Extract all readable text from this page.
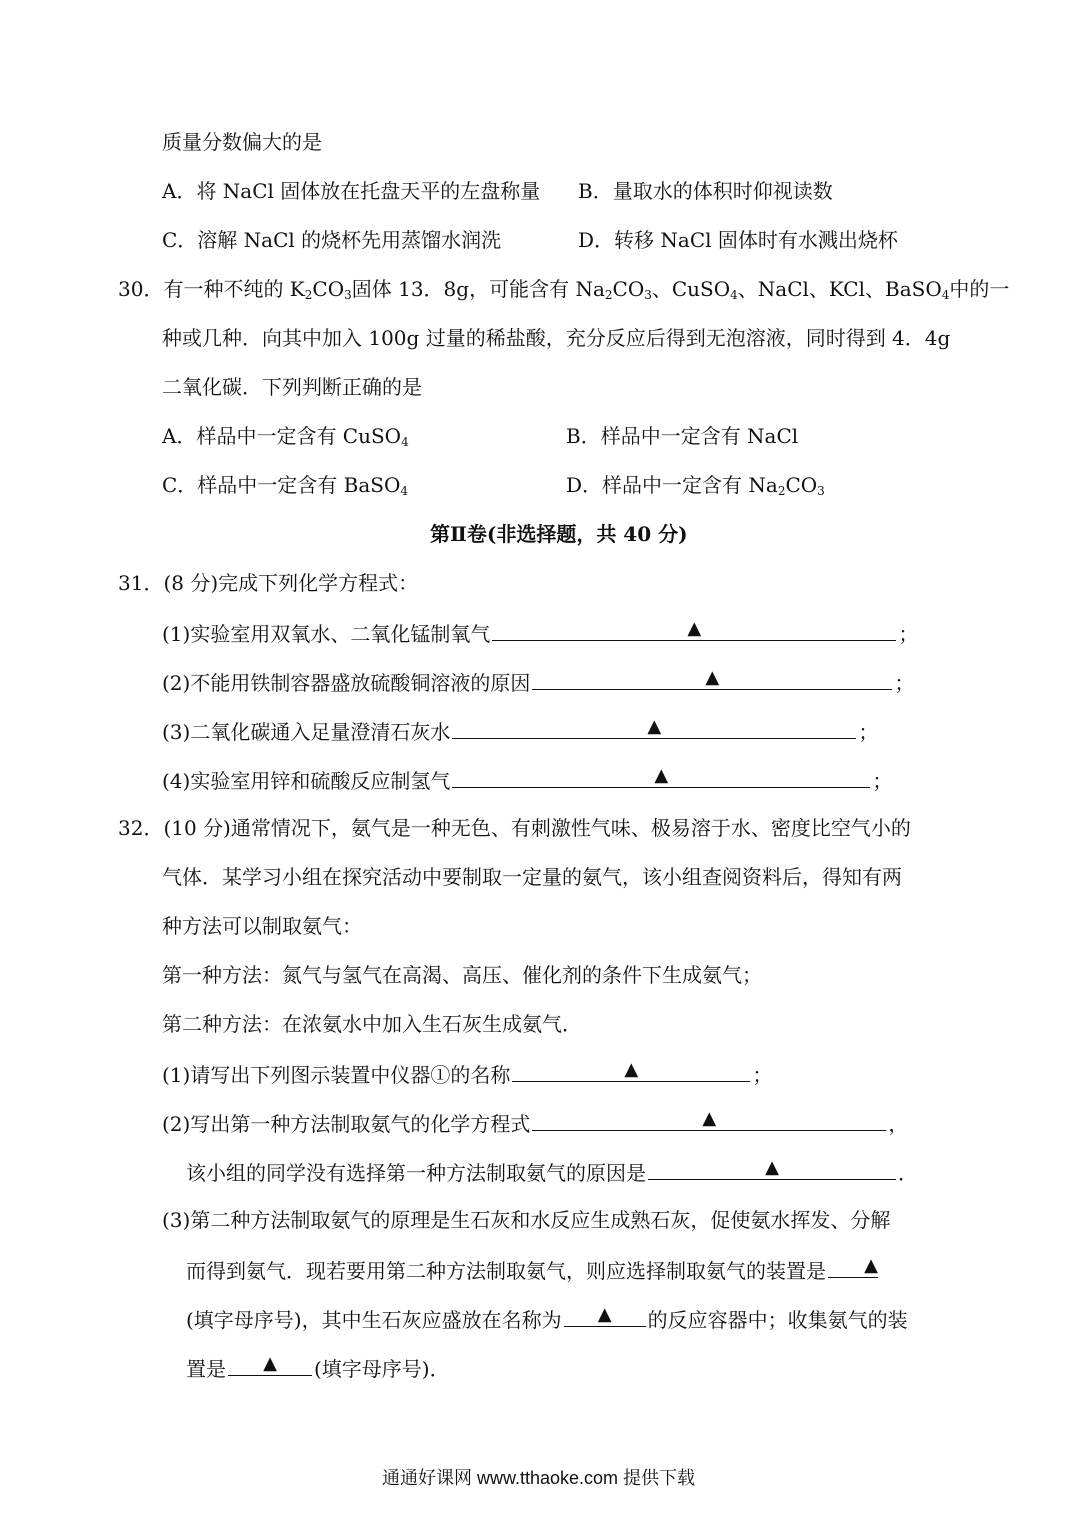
质量分数偏大的是
A．将 NaCl 固体放在托盘天平的左盘称量 B．量取水的体积时仰视读数
C．溶解 NaCl 的烧杯先用蒸馏水润洗	D．转移 NaCl 固体时有水溅出烧杯
30．有一种不纯的 $K_2CO_3$固体 13．8g，可能含有 $Na_2CO_3$、CuSO$_4$、NaCl、KCl、BaSO$_4$中的一
种或几种．向其中加入 100g 过量的稀盐酸，充分反应后得到无泡溶液，同时得到 4．4g
二氧化碳．下列判断正确的是
A．样品中一定含有 CuSO$_4$	B．样品中一定含有 NaCl
C．样品中一定含有 BaSO$_4$	D．样品中一定含有 $Na_2CO_3$
第Ⅱ卷(非选择题，共 40 分)
31．(8 分)完成下列化学方程式：
(1)实验室用双氧水、二氧化锰制氧气	▲	；
(2)不能用铁制容器盛放硫酸铜溶液的原因	▲	；
(3)二氧化碳通入足量澄清石灰水	▲	；
(4)实验室用锌和硫酸反应制氢气	▲	；
32．(10 分)通常情况下，氨气是一种无色、有刺激性气味、极易溶于水、密度比空气小的
气体．某学习小组在探究活动中要制取一定量的氨气，该小组查阅资料后，得知有两
种方法可以制取氨气：
第一种方法：氮气与氢气在高渴、高压、催化剂的条件下生成氨气；
第二种方法：在浓氨水中加入生石灰生成氨气．
(1)请写出下列图示装置中仪器①的名称	▲	；
(2)写出第一种方法制取氨气的化学方程式	▲	，
该小组的同学没有选择第一种方法制取氨气的原因是	▲	．
(3)第二种方法制取氨气的原理是生石灰和水反应生成熟石灰，促使氨水挥发、分解
而得到氨气．现若要用第二种方法制取氨气，则应选择制取氨气的装置是 ▲
(填字母序号)，其中生石灰应盛放在名称为 ▲ 的反应容器中；收集氨气的装
置是 ▲ (填字母序号)．
通通好课网 www.tthaoke.com 提供下载
